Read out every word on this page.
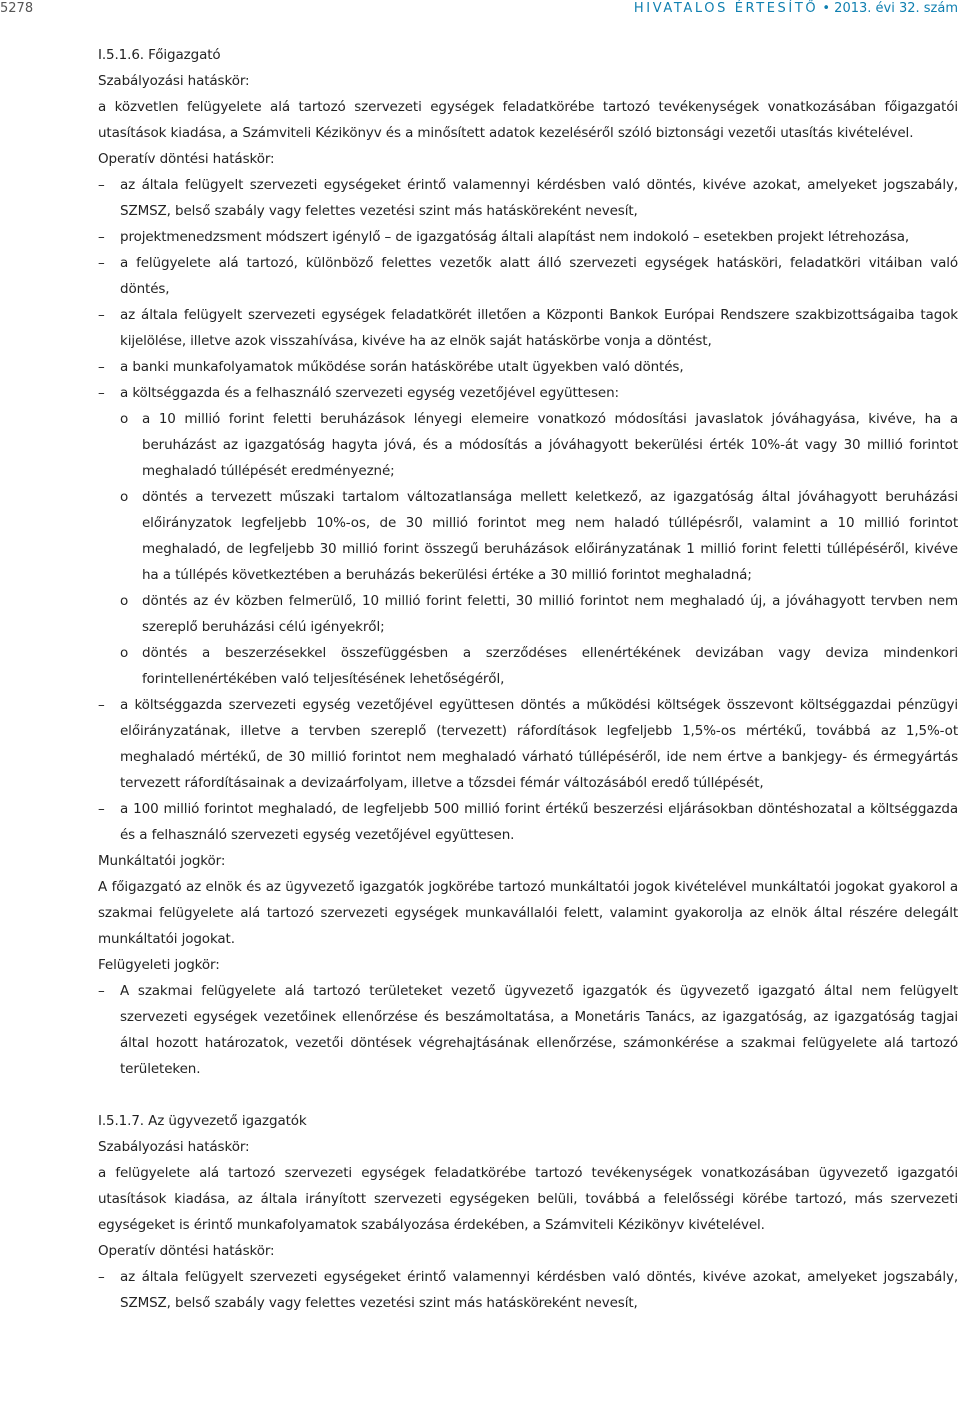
5278	HIVATALOS ÉRTESÍTŐ • 2013. évi 32. szám

I.5.1.6. Főigazgató

Szabályozási hatáskör:

a közvetlen felügyelete alá tartozó szervezeti egységek feladatkörébe tartozó tevékenységek vonatkozásában főigazgatói utasítások kiadása, a Számviteli Kézikönyv és a minősített adatok kezeléséről szóló biztonsági vezetői utasítás kivételével.

Operatív döntési hatáskör:

– az általa felügyelt szervezeti egységeket érintő valamennyi kérdésben való döntés, kivéve azokat, amelyeket jogszabály, SZMSZ, belső szabály vagy felettes vezetési szint más hatásköreként nevesít,
– projektmenedzsment módszert igénylő – de igazgatóság általi alapítást nem indokoló – esetekben projekt létrehozása,
– a felügyelete alá tartozó, különböző felettes vezetők alatt álló szervezeti egységek hatásköri, feladatköri vitáiban való döntés,
– az általa felügyelt szervezeti egységek feladatkörét illetően a Központi Bankok Európai Rendszere szakbizottságaiba tagok kijelölése, illetve azok visszahívása, kivéve ha az elnök saját hatáskörbe vonja a döntést,
– a banki munkafolyamatok működése során hatáskörébe utalt ügyekben való döntés,
– a költséggazda és a felhasználó szervezeti egység vezetőjével együttesen:
o a 10 millió forint feletti beruházások lényegi elemeire vonatkozó módosítási javaslatok jóváhagyása, kivéve, ha a beruházást az igazgatóság hagyta jóvá, és a módosítás a jóváhagyott bekerülési érték 10%-át vagy 30 millió forintot meghaladó túllépését eredményezné;
o döntés a tervezett műszaki tartalom változatlansága mellett keletkező, az igazgatóság által jóváhagyott beruházási előirányzatok legfeljebb 10%-os, de 30 millió forintot meg nem haladó túllépésről, valamint a 10 millió forintot meghaladó, de legfeljebb 30 millió forint összegű beruházások előirányzatának 1 millió forint feletti túllépéséről, kivéve ha a túllépés következtében a beruházás bekerülési értéke a 30 millió forintot meghaladná;
o döntés az év közben felmerülő, 10 millió forint feletti, 30 millió forintot nem meghaladó új, a jóváhagyott tervben nem szereplő beruházási célú igényekről;
o döntés a beszerzésekkel összefüggésben a szerződéses ellenértékének devizában vagy deviza mindenkori forintellenértékében való teljesítésének lehetőségéről,
– a költséggazda szervezeti egység vezetőjével együttesen döntés a működési költségek összevont költséggazdai pénzügyi előirányzatának, illetve a tervben szereplő (tervezett) ráfordítások legfeljebb 1,5%-os mértékű, továbbá az 1,5%-ot meghaladó mértékű, de 30 millió forintot nem meghaladó várható túllépéséről, ide nem értve a bankjegy- és érmegyártás tervezett ráfordításainak a devizaárfolyam, illetve a tőzsdei fémár változásából eredő túllépését,
– a 100 millió forintot meghaladó, de legfeljebb 500 millió forint értékű beszerzési eljárásokban döntéshozatal a költséggazda és a felhasználó szervezeti egység vezetőjével együttesen.

Munkáltatói jogkör:

A főigazgató az elnök és az ügyvezető igazgatók jogkörébe tartozó munkáltatói jogok kivételével munkáltatói jogokat gyakorol a szakmai felügyelete alá tartozó szervezeti egységek munkavállalói felett, valamint gyakorolja az elnök által részére delegált munkáltatói jogokat.

Felügyeleti jogkör:

– A szakmai felügyelete alá tartozó területeket vezető ügyvezető igazgatók és ügyvezető igazgató által nem felügyelt szervezeti egységek vezetőinek ellenőrzése és beszámoltatása, a Monetáris Tanács, az igazgatóság, az igazgatóság tagjai által hozott határozatok, vezetői döntések végrehajtásának ellenőrzése, számonkérése a szakmai felügyelete alá tartozó területeken.

I.5.1.7. Az ügyvezető igazgatók

Szabályozási hatáskör:

a felügyelete alá tartozó szervezeti egységek feladatkörébe tartozó tevékenységek vonatkozásában ügyvezető igazgatói utasítások kiadása, az általa irányított szervezeti egységeken belüli, továbbá a felelősségi körébe tartozó, más szervezeti egységeket is érintő munkafolyamatok szabályozása érdekében, a Számviteli Kézikönyv kivételével.

Operatív döntési hatáskör:

– az általa felügyelt szervezeti egységeket érintő valamennyi kérdésben való döntés, kivéve azokat, amelyeket jogszabály, SZMSZ, belső szabály vagy felettes vezetési szint más hatásköreként nevesít,
